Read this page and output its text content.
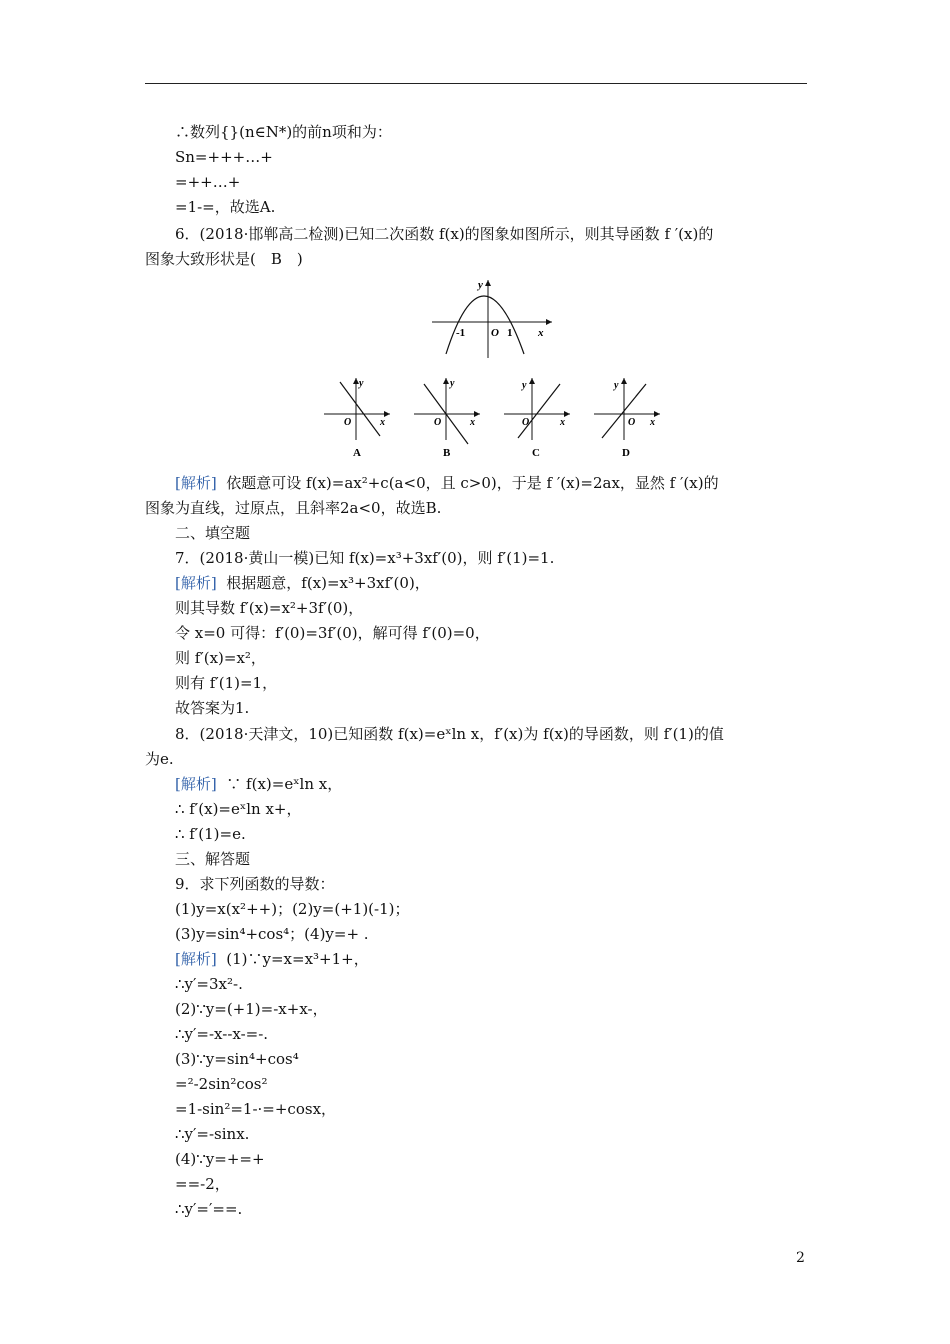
∴数列{}(n∈N*)的前n项和为：
Sn=+++…+
=++…+
=1-=，故选A.
6．(2018·邯郸高二检测)已知二次函数 f(x)的图象如图所示，则其导函数 f ′(x)的
图象大致形状是(　B　)
y
x
O
-1	1
y
x
O
A
y
x
O
B
y
x
O
C
y
x
O
D
[解析] 依题意可设 f(x)=ax²+c(a<0，且 c>0)，于是 f ′(x)=2ax，显然 f ′(x)的
图象为直线，过原点，且斜率2a<0，故选B.
二、填空题
7．(2018·黄山一模)已知 f(x)=x³+3xf′(0)，则 f′(1)=1.
[解析] 根据题意，f(x)=x³+3xf′(0)，
则其导数 f′(x)=x²+3f′(0)，
令 x=0 可得：f′(0)=3f′(0)，解可得 f′(0)=0，
则 f′(x)=x²，
则有 f′(1)=1，
故答案为1.
8．(2018·天津文，10)已知函数 f(x)=eˣln x，f′(x)为 f(x)的导函数，则 f′(1)的值
为e.
[解析] ∵ f(x)=eˣln x，
∴ f′(x)=eˣln x+，
∴ f′(1)=e.
三、解答题
9．求下列函数的导数：
(1)y=x(x²++)；(2)y=(+1)(-1)；
(3)y=sin⁴+cos⁴；(4)y=+ .
[解析] (1)∵y=x=x³+1+，
∴y′=3x²-.
(2)∵y=(+1)=-x+x-，
∴y′=-x--x-=-.
(3)∵y=sin⁴+cos⁴
=²-2sin²cos²
=1-sin²=1-·=+cosx，
∴y′=-sinx.
(4)∵y=+=+
==-2，
∴y′=′==.
2
